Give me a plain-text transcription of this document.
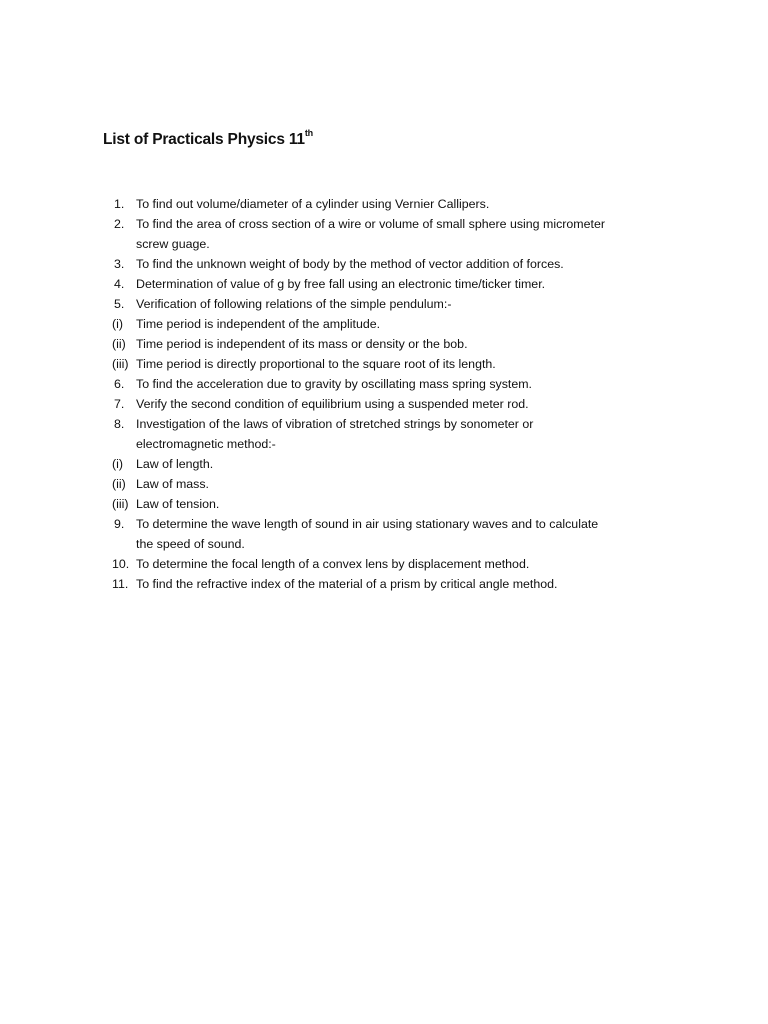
List of Practicals Physics 11th
1. To find out volume/diameter of a cylinder using Vernier Callipers.
2. To find the area of cross section of a wire or volume of small sphere using micrometer
screw guage.
3. To find the unknown weight of body by the method of vector addition of forces.
4. Determination of value of g by free fall using an electronic time/ticker timer.
5. Verification of following relations of the simple pendulum:-
(i) Time period is independent of the amplitude.
(ii) Time period is independent of its mass or density or the bob.
(iii) Time period is directly proportional to the square root of its length.
6. To find the acceleration due to gravity by oscillating mass spring system.
7. Verify the second condition of equilibrium using a suspended meter rod.
8. Investigation of the laws of vibration of stretched strings by sonometer or
electromagnetic method:-
(i) Law of length.
(ii) Law of mass.
(iii) Law of tension.
9. To determine the wave length of sound in air using stationary waves and to calculate
the speed of sound.
10. To determine the focal length of a convex lens by displacement method.
11. To find the refractive index of the material of a prism by critical angle method.
